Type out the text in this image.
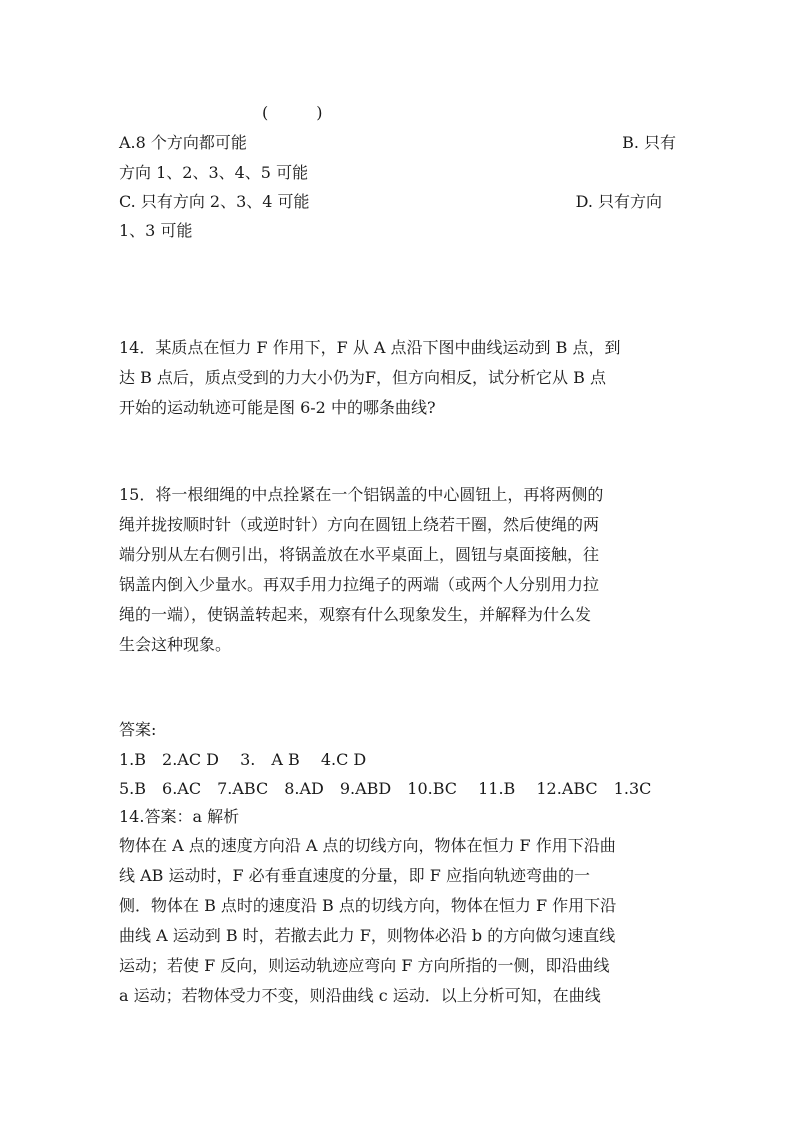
(　　　)
A.8 个方向都可能	B. 只有
方向 1、2、3、4、5 可能
C. 只有方向 2、3、4 可能	D. 只有方向
1、3 可能
14．某质点在恒力 F 作用下，F 从 A 点沿下图中曲线运动到 B 点，到
达 B 点后，质点受到的力大小仍为F，但方向相反，试分析它从 B 点
开始的运动轨迹可能是图 6-2 中的哪条曲线?
15．将一根细绳的中点拴紧在一个铝锅盖的中心圆钮上，再将两侧的
绳并拢按顺时针（或逆时针）方向在圆钮上绕若干圈，然后使绳的两
端分别从左右侧引出，将锅盖放在水平桌面上，圆钮与桌面接触，往
锅盖内倒入少量水。再双手用力拉绳子的两端（或两个人分别用力拉
绳的一端），使锅盖转起来，观察有什么现象发生，并解释为什么发
生会这种现象。
答案:
1.B　2.AC D　 3.　A B　 4.C D
5.B　6.AC　7.ABC　8.AD　9.ABD　10.BC　 11.B　 12.ABC　1.3C
14.答案：a 解析
物体在 A 点的速度方向沿 A 点的切线方向，物体在恒力 F 作用下沿曲
线 AB 运动时，F 必有垂直速度的分量，即 F 应指向轨迹弯曲的一
侧．物体在 B 点时的速度沿 B 点的切线方向，物体在恒力 F 作用下沿
曲线 A 运动到 B 时，若撤去此力 F，则物体必沿 b 的方向做匀速直线
运动；若使 F 反向，则运动轨迹应弯向 F 方向所指的一侧，即沿曲线
a 运动；若物体受力不变，则沿曲线 c 运动．以上分析可知，在曲线
